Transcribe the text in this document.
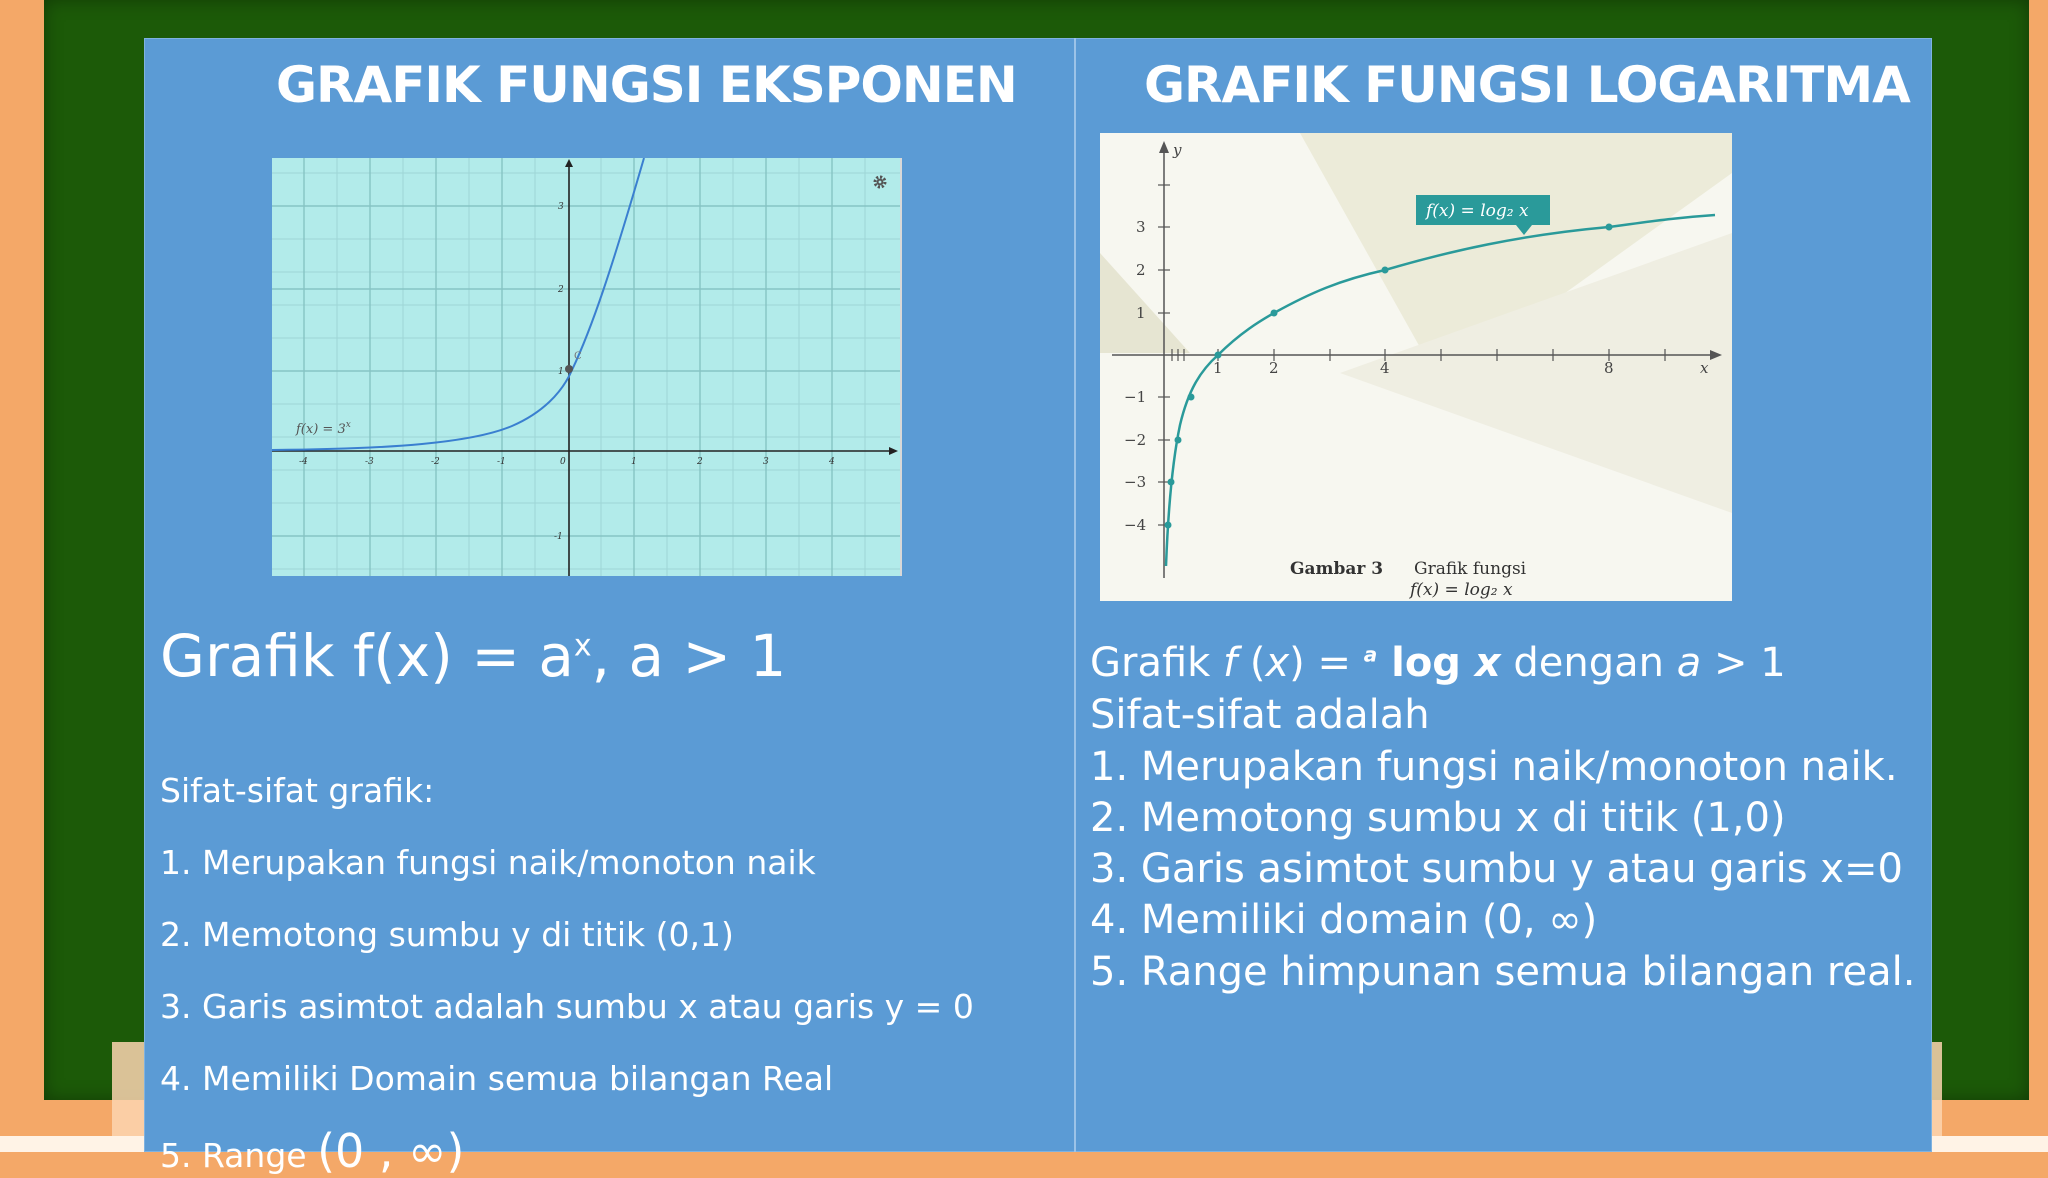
GRAFIK FUNGSI EKSPONEN
-4	-3	-2	-1	0	1	2	3	4
3
2
1
-1
C
$f(x) = 3^x$
Grafik $f(x) = a^x$, a > 1
Sifat-sifat grafik:
1. Merupakan fungsi naik/monoton naik
2. Memotong sumbu y di titik (0,1)
3. Garis asimtot adalah sumbu x atau garis y = 0
4. Memiliki Domain semua bilangan Real
5. Range (0 , ∞)
GRAFIK FUNGSI LOGARITMA
y
x
1	2	4	8
3
2
1
−1
−2
−3
−4
f(x) = log₂ x
Gambar 3 Grafik fungsi
f(x) = log₂ x
Grafik f (x) = $^a$ log x dengan a > 1
Sifat-sifat adalah
1. Merupakan fungsi naik/monoton naik.
2. Memotong sumbu x di titik (1,0)
3. Garis asimtot sumbu y atau garis x=0
4. Memiliki domain (0, ∞)
5. Range himpunan semua bilangan real.
